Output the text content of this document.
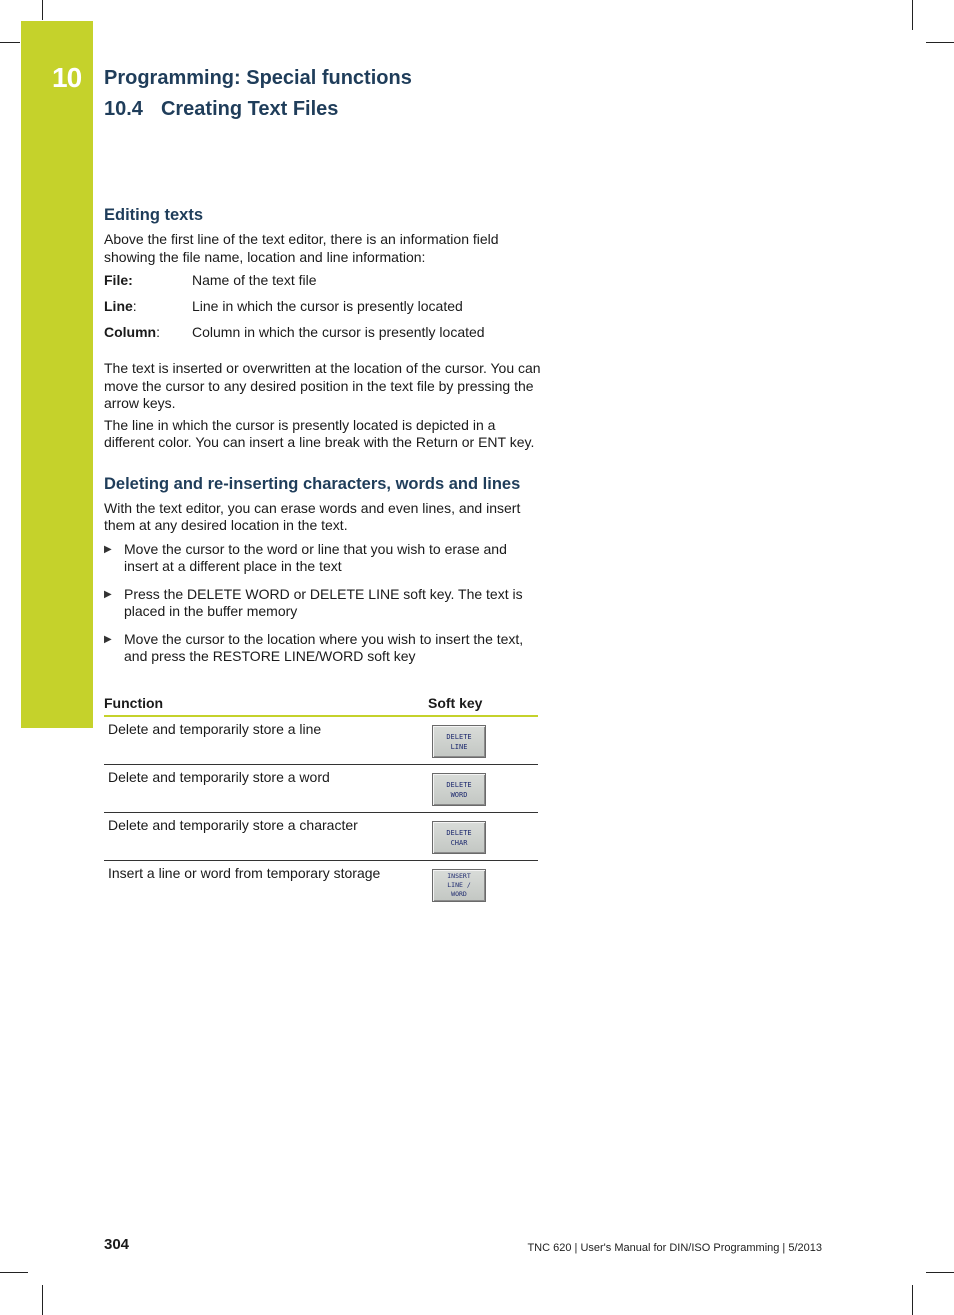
10 Programming: Special functions
10.4 Creating Text Files
Editing texts

Above the first line of the text editor, there is an information field showing the file name, location and line information:

File:	Name of the text file
Line:	Line in which the cursor is presently located
Column:	Column in which the cursor is presently located

The text is inserted or overwritten at the location of the cursor. You can move the cursor to any desired position in the text file by pressing the arrow keys.

The line in which the cursor is presently located is depicted in a different color. You can insert a line break with the Return or ENT key.

Deleting and re-inserting characters, words and lines

With the text editor, you can erase words and even lines, and insert them at any desired location in the text.

▶ Move the cursor to the word or line that you wish to erase and insert at a different place in the text
▶ Press the DELETE WORD or DELETE LINE soft key. The text is placed in the buffer memory
▶ Move the cursor to the location where you wish to insert the text, and press the RESTORE LINE/WORD soft key
Function	Soft key
Delete and temporarily store a line	DELETE
LINE

Delete and temporarily store a word	DELETE
WORD

Delete and temporarily store a character	DELETE
CHAR

Insert a line or word from temporary storage	INSERT
LINE /
WORD
304	TNC 620 | User's Manual for DIN/ISO Programming | 5/2013
